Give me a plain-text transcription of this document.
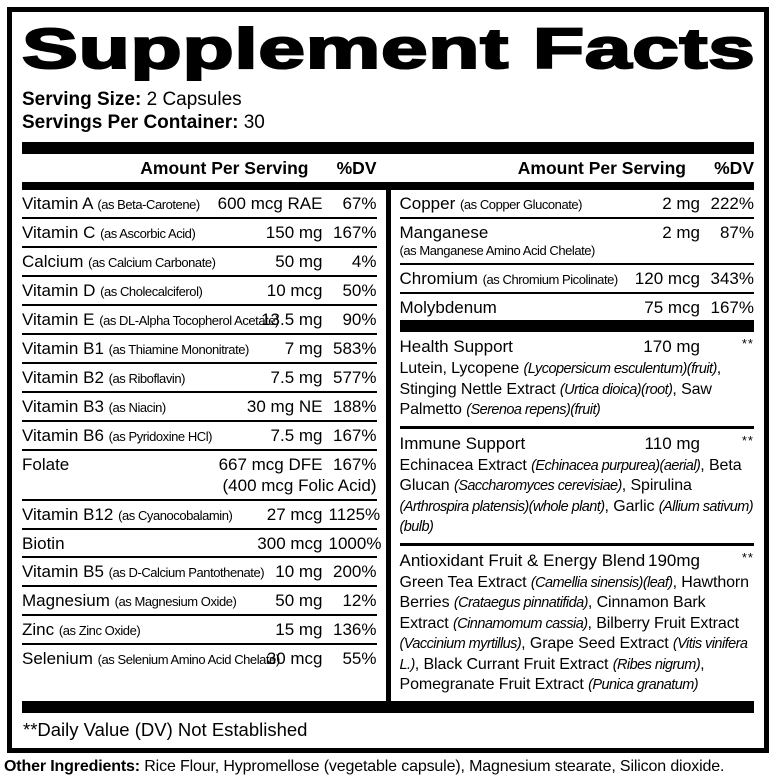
Supplement Facts
Serving Size: 2 Capsules
Servings Per Container: 30
Amount Per Serving	%DV	Amount Per Serving	%DV
Vitamin A (as Beta-Carotene)	600 mcg RAE	67%
Vitamin C (as Ascorbic Acid)	150 mg 167%
Calcium (as Calcium Carbonate)	50 mg	4%
Vitamin D (as Cholecalciferol)	10 mcg	50%
Vitamin E (as DL-Alpha Tocopherol Acetate)
13.5 mg	90%
Vitamin B1 (as Thiamine Mononitrate)	7 mg 583%
Vitamin B2 (as Riboflavin)	7.5 mg 577%
Vitamin B3 (as Niacin)	30 mg NE 188%
Vitamin B6 (as Pyridoxine HCl)	7.5 mg 167%
Folate	667 mcg DFE 167%
(400 mcg Folic Acid)
Vitamin B12 (as Cyanocobalamin)	27 mcg 1125%
Biotin	300 mcg 1000%
Vitamin B5 (as D-Calcium Pantothenate) 10 mg 200%
Magnesium (as Magnesium Oxide)	50 mg	12%
Zinc (as Zinc Oxide)	15 mg 136%
Selenium (as Selenium Amino Acid Chelate)
30 mcg	55%
Copper (as Copper Gluconate)	2 mg 222%
Manganese	2 mg	87%
(as Manganese Amino Acid Chelate)
Chromium (as Chromium Picolinate)	120 mcg 343%
Molybdenum	75 mcg 167%
Health Support	170 mg	**
Lutein, Lycopene (Lycopersicum esculentum)(fruit), Stinging Nettle Extract (Urtica dioica)(root), Saw Palmetto (Serenoa repens)(fruit)
Immune Support	110 mg	**
Echinacea Extract (Echinacea purpurea)(aerial), Beta Glucan (Saccharomyces cerevisiae), Spirulina (Arthrospira platensis)(whole plant), Garlic (Allium sativum)(bulb)
Antioxidant Fruit & Energy Blend 190mg	**
Green Tea Extract (Camellia sinensis)(leaf), Hawthorn Berries (Crataegus pinnatifida), Cinnamon Bark Extract (Cinnamomum cassia), Bilberry Fruit Extract (Vaccinium myrtillus), Grape Seed Extract (Vitis vinifera L.), Black Currant Fruit Extract (Ribes nigrum), Pomegranate Fruit Extract (Punica granatum)
**Daily Value (DV) Not Established
Other Ingredients: Rice Flour, Hypromellose (vegetable capsule), Magnesium stearate, Silicon dioxide.
